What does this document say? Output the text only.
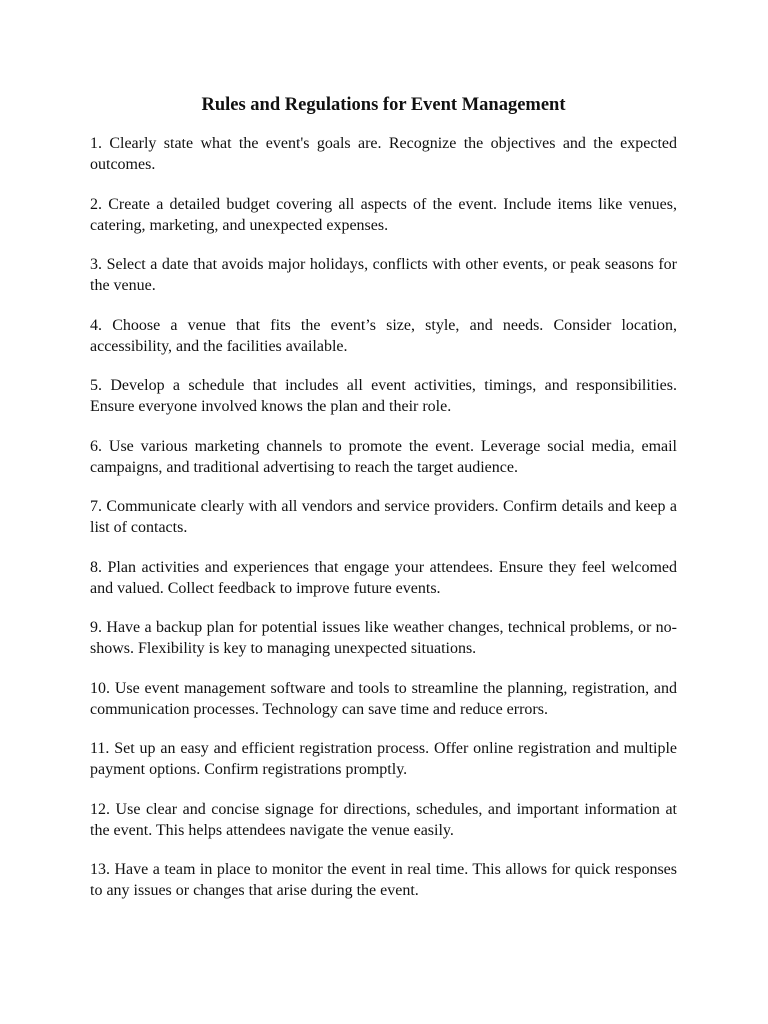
Rules and Regulations for Event Management

1. Clearly state what the event's goals are. Recognize the objectives and the expected outcomes.

2. Create a detailed budget covering all aspects of the event. Include items like venues, catering, marketing, and unexpected expenses.

3. Select a date that avoids major holidays, conflicts with other events, or peak seasons for the venue.

4. Choose a venue that fits the event’s size, style, and needs. Consider location, accessibility, and the facilities available.

5. Develop a schedule that includes all event activities, timings, and responsibilities. Ensure everyone involved knows the plan and their role.

6. Use various marketing channels to promote the event. Leverage social media, email campaigns, and traditional advertising to reach the target audience.

7. Communicate clearly with all vendors and service providers. Confirm details and keep a list of contacts.

8. Plan activities and experiences that engage your attendees. Ensure they feel welcomed and valued. Collect feedback to improve future events.

9. Have a backup plan for potential issues like weather changes, technical problems, or no-shows. Flexibility is key to managing unexpected situations.

10. Use event management software and tools to streamline the planning, registration, and communication processes. Technology can save time and reduce errors.

11. Set up an easy and efficient registration process. Offer online registration and multiple payment options. Confirm registrations promptly.

12. Use clear and concise signage for directions, schedules, and important information at the event. This helps attendees navigate the venue easily.

13. Have a team in place to monitor the event in real time. This allows for quick responses to any issues or changes that arise during the event.
